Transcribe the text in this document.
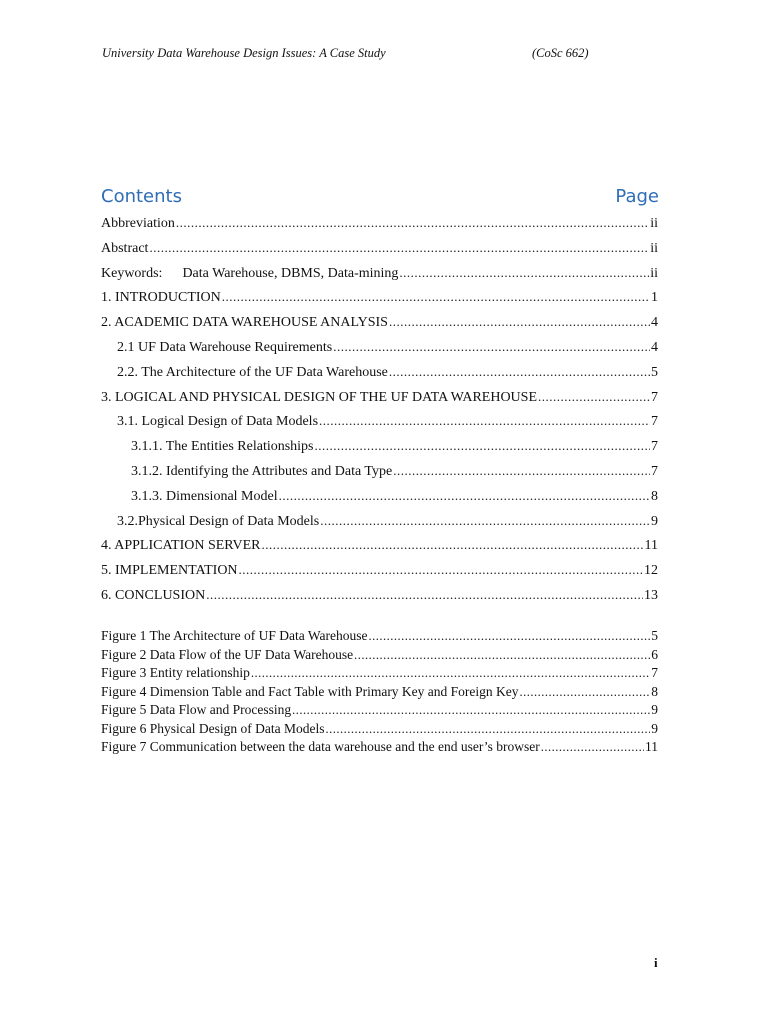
University Data Warehouse Design Issues: A Case Study	(CoSc 662)
Contents	Page
Abbreviation .....	ii
Abstract .....	ii
Keywords: Data Warehouse, DBMS, Data-mining .....	ii
1. INTRODUCTION .....	1
2. ACADEMIC DATA WAREHOUSE ANALYSIS .....	4
2.1 UF Data Warehouse Requirements .....	4
2.2. The Architecture of the UF Data Warehouse .....	5
3. LOGICAL AND PHYSICAL DESIGN OF THE UF DATA WAREHOUSE .....	7
3.1. Logical Design of Data Models .....	7
3.1.1. The Entities Relationships .....	7
3.1.2. Identifying the Attributes and Data Type .....	7
3.1.3. Dimensional Model .....	8
3.2.Physical Design of Data Models .....	9
4. APPLICATION SERVER .....	11
5. IMPLEMENTATION .....	12
6. CONCLUSION .....	13
Figure 1 The Architecture of UF Data Warehouse .....	5
Figure 2 Data Flow of the UF Data Warehouse .....	6
Figure 3 Entity relationship .....	7
Figure 4 Dimension Table and Fact Table with Primary Key and Foreign Key .....	8
Figure 5 Data Flow and Processing .....	9
Figure 6 Physical Design of Data Models .....	9
Figure 7 Communication between the data warehouse and the end user’s browser .....	11
i
